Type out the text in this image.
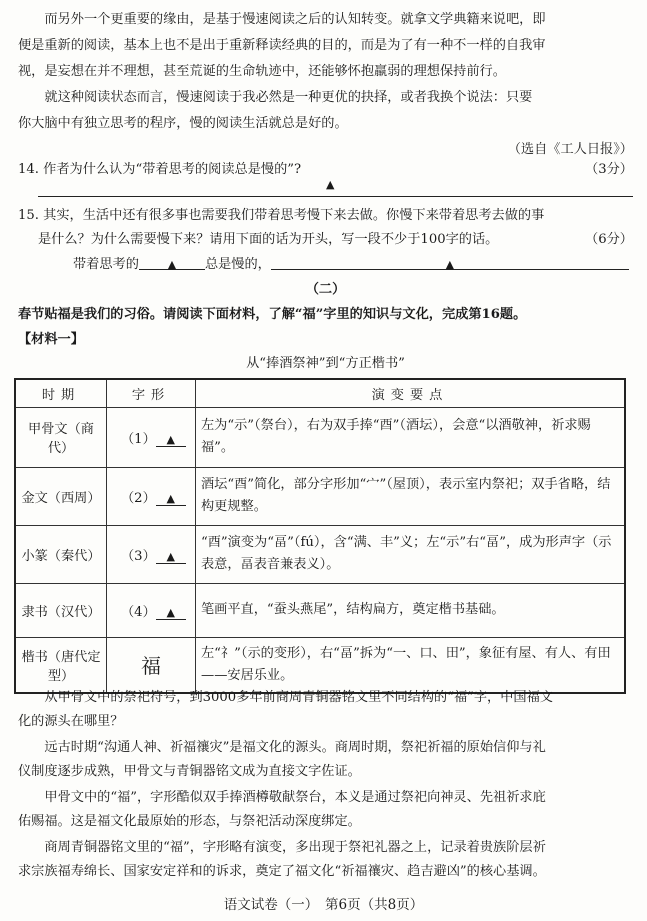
而另外一个更重要的缘由，是基于慢速阅读之后的认知转变。就拿文学典籍来说吧，即
便是重新的阅读，基本上也不是出于重新释读经典的目的，而是为了有一种不一样的自我审
视，是妄想在并不理想，甚至荒诞的生命轨迹中，还能够怀抱羸弱的理想保持前行。
就这种阅读状态而言，慢速阅读于我必然是一种更优的抉择，或者我换个说法：只要
你大脑中有独立思考的程序，慢的阅读生活就总是好的。
（选自《工人日报》）
14. 作者为什么认为“带着思考的阅读总是慢的”?	（3分）
▲
15. 其实，生活中还有很多事也需要我们带着思考慢下来去做。你慢下来带着思考去做的事
是什么？为什么需要慢下来？请用下面的话为开头，写一段不少于100字的话。	（6分）
带着思考的	▲ 总是慢的，	▲
（二）
春节贴福是我们的习俗。请阅读下面材料，了解“福”字里的知识与文化，完成第16题。
【材料一】
从“捧酒祭神”到“方正楷书”
时期	字形	演变要点
甲骨文（商代）	（1） ▲	左为“示”（祭台），右为双手捧“酉”（酒坛），会意“以酒敬神，祈求赐福”。
金文（西周）	（2） ▲	酒坛“酉”简化，部分字形加“宀”（屋顶），表示室内祭祀；双手省略，结构更规整。
小篆（秦代）	（3） ▲	“酉”演变为“畐”（fú），含“满、丰”义；左“示”右“畐”，成为形声字（示表意，畐表音兼表义）。
隶书（汉代）	（4） ▲	笔画平直，“蚕头燕尾”，结构扁方，奠定楷书基础。
楷书（唐代定型）	福	左“礻”（示的变形），右“畐”拆为“一、口、田”，象征有屋、有人、有田——安居乐业。
从甲骨文中的祭祀符号，到3000多年前商周青铜器铭文里不同结构的“福”字，中国福文
化的源头在哪里？
远古时期“沟通人神、祈福禳灾”是福文化的源头。商周时期，祭祀祈福的原始信仰与礼
仪制度逐步成熟，甲骨文与青铜器铭文成为直接文字佐证。
甲骨文中的“福”，字形酷似双手捧酒樽敬献祭台，本义是通过祭祀向神灵、先祖祈求庇
佑赐福。这是福文化最原始的形态，与祭祀活动深度绑定。
商周青铜器铭文里的“福”，字形略有演变，多出现于祭祀礼器之上，记录着贵族阶层祈
求宗族福寿绵长、国家安定祥和的诉求，奠定了福文化“祈福禳灾、趋吉避凶”的核心基调。
语文试卷（一）　第6页（共8页）
